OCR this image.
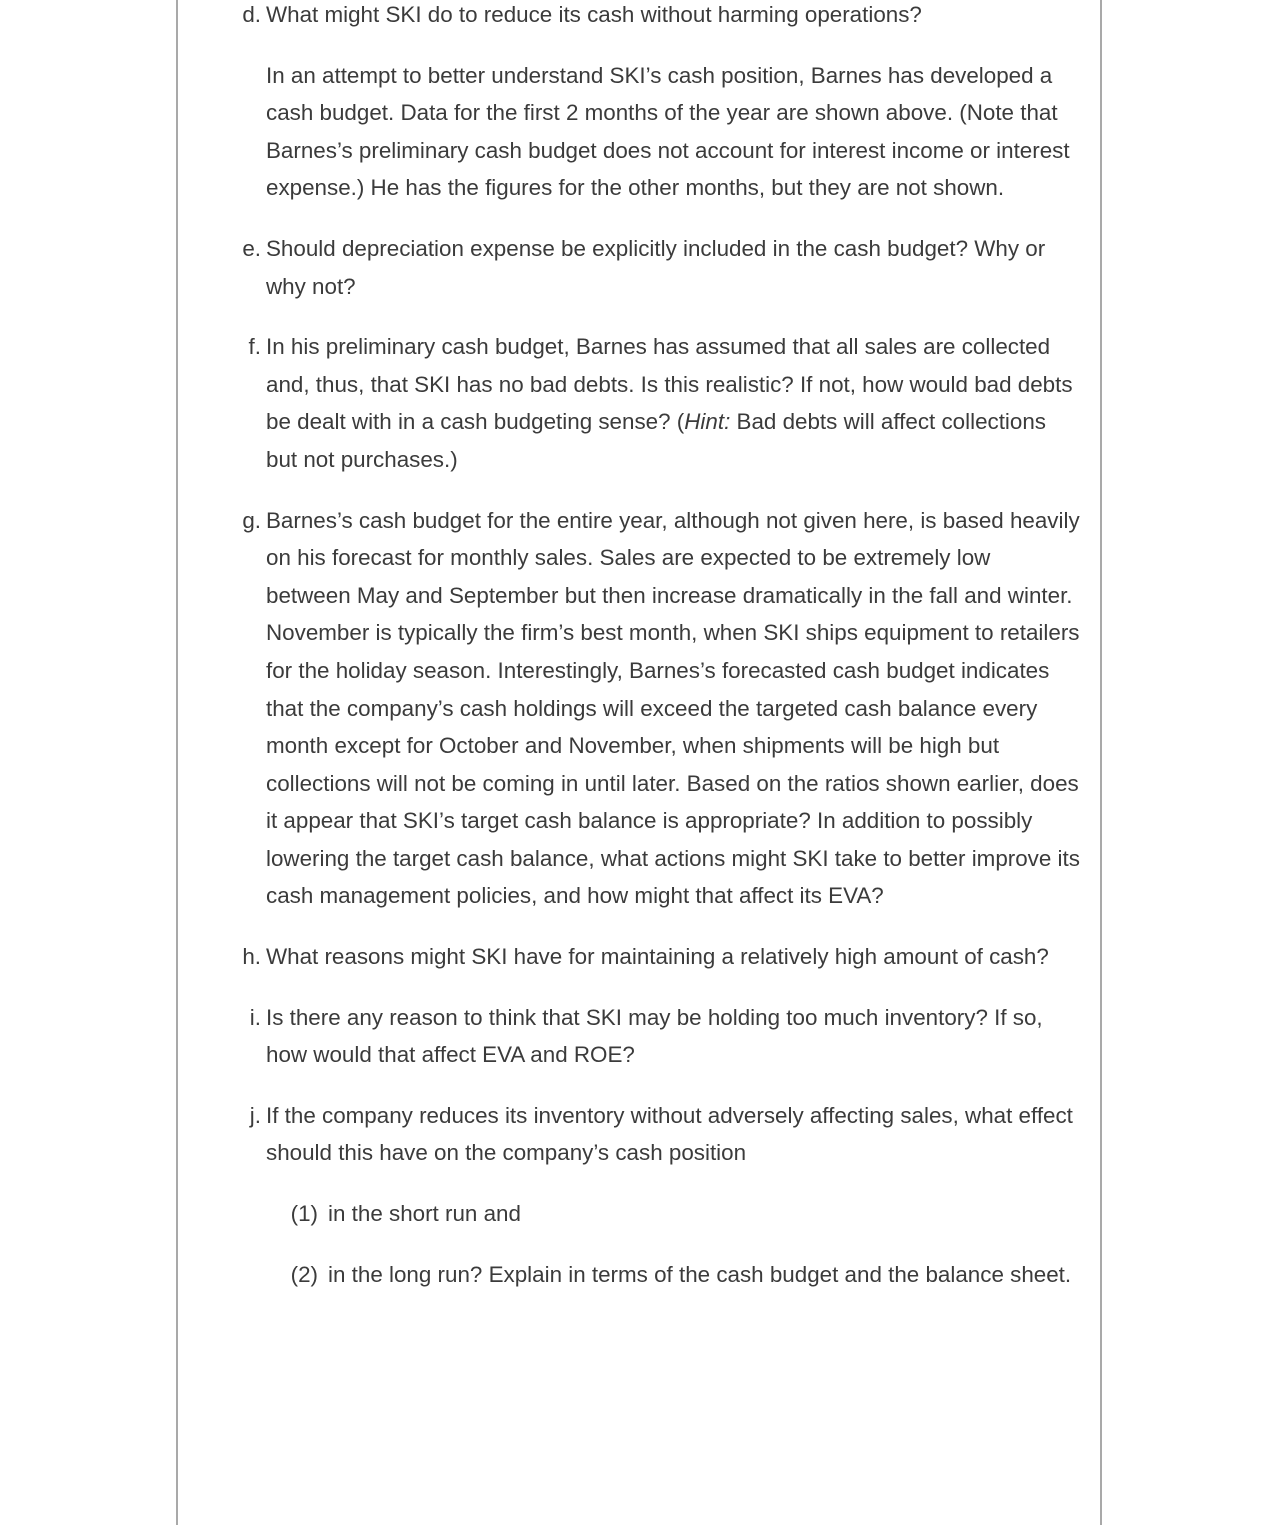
d. What might SKI do to reduce its cash without harming operations?

In an attempt to better understand SKI’s cash position, Barnes has developed a cash budget. Data for the first 2 months of the year are shown above. (Note that Barnes’s preliminary cash budget does not account for interest income or interest expense.) He has the figures for the other months, but they are not shown.

e. Should depreciation expense be explicitly included in the cash budget? Why or why not?

f. In his preliminary cash budget, Barnes has assumed that all sales are collected and, thus, that SKI has no bad debts. Is this realistic? If not, how would bad debts be dealt with in a cash budgeting sense? (Hint: Bad debts will affect collections but not purchases.)

g. Barnes’s cash budget for the entire year, although not given here, is based heavily on his forecast for monthly sales. Sales are expected to be extremely low between May and September but then increase dramatically in the fall and winter. November is typically the firm’s best month, when SKI ships equipment to retailers for the holiday season. Interestingly, Barnes’s forecasted cash budget indicates that the company’s cash holdings will exceed the targeted cash balance every month except for October and November, when shipments will be high but collections will not be coming in until later. Based on the ratios shown earlier, does it appear that SKI’s target cash balance is appropriate? In addition to possibly lowering the target cash balance, what actions might SKI take to better improve its cash management policies, and how might that affect its EVA?

h. What reasons might SKI have for maintaining a relatively high amount of cash?

i. Is there any reason to think that SKI may be holding too much inventory? If so, how would that affect EVA and ROE?

j. If the company reduces its inventory without adversely affecting sales, what effect should this have on the company’s cash position

(1) in the short run and
(2) in the long run? Explain in terms of the cash budget and the balance sheet.
